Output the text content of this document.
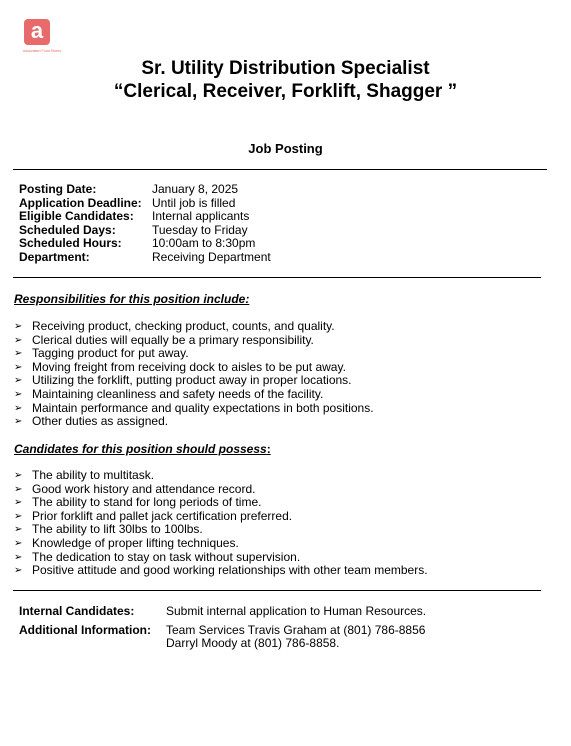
a
Associated Food Stores
Sr. Utility Distribution Specialist
“Clerical, Receiver, Forklift, Shagger ”
Job Posting
Posting Date:	January 8, 2025
Application Deadline: Until job is filled
Eligible Candidates:	Internal applicants
Scheduled Days:	Tuesday to Friday
Scheduled Hours:	10:00am to 8:30pm
Department:	Receiving Department
Responsibilities for this position include:
➢ Receiving product, checking product, counts, and quality.
➢ Clerical duties will equally be a primary responsibility.
➢ Tagging product for put away.
➢ Moving freight from receiving dock to aisles to be put away.
➢ Utilizing the forklift, putting product away in proper locations.
➢ Maintaining cleanliness and safety needs of the facility.
➢ Maintain performance and quality expectations in both positions.
➢ Other duties as assigned.
Candidates for this position should possess:
➢ The ability to multitask.
➢ Good work history and attendance record.
➢ The ability to stand for long periods of time.
➢ Prior forklift and pallet jack certification preferred.
➢ The ability to lift 30lbs to 100lbs.
➢ Knowledge of proper lifting techniques.
➢ The dedication to stay on task without supervision.
➢ Positive attitude and good working relationships with other team members.
Internal Candidates:	Submit internal application to Human Resources.
Additional Information:	Team Services Travis Graham at (801) 786-8856
Darryl Moody at (801) 786-8858.
